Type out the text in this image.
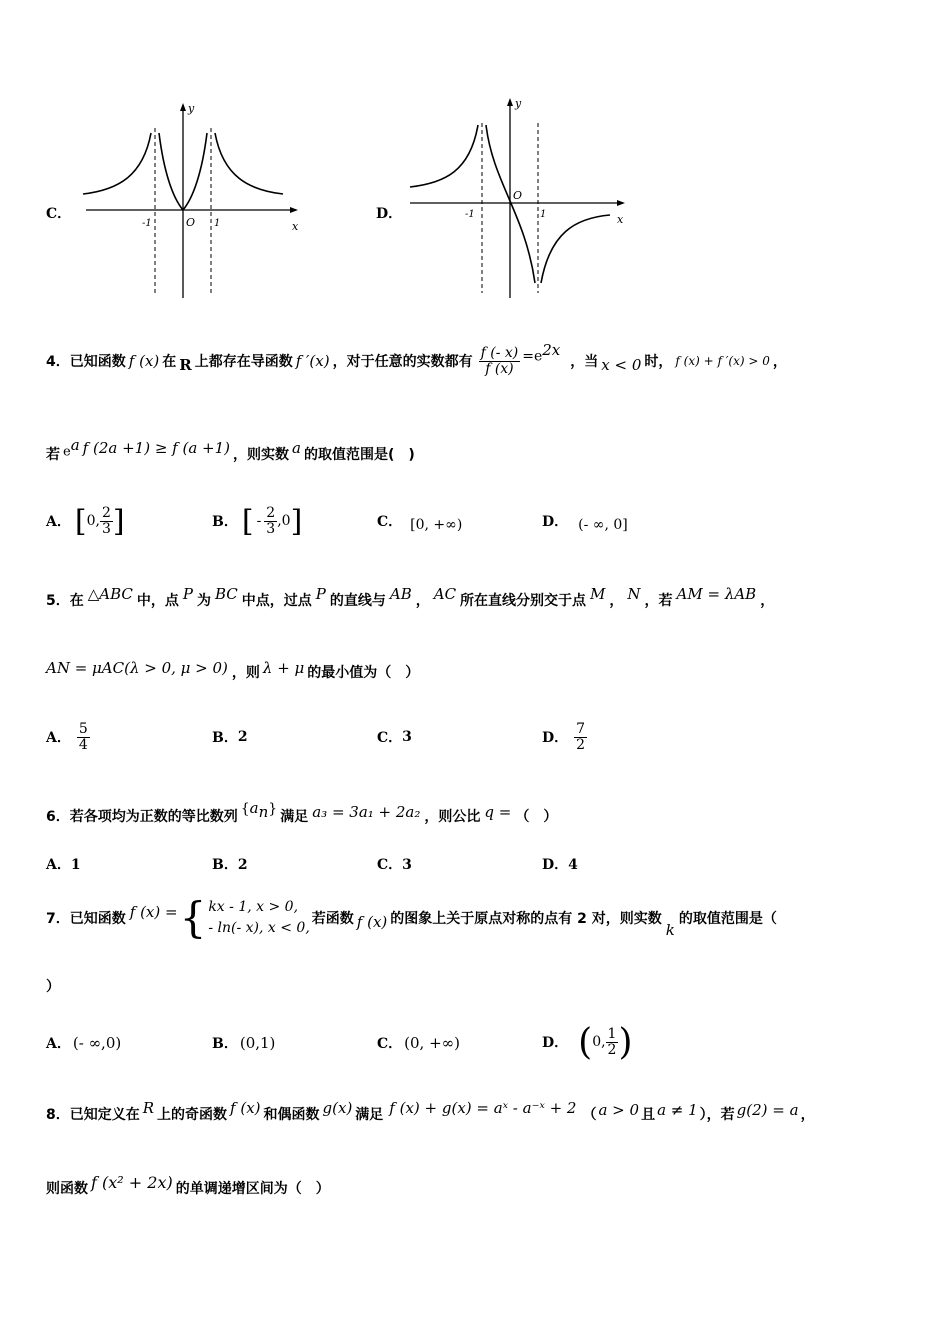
C．
y
x
O
-1	1
D．
y
x
O
-1	1
4． 已知函数 f (x) 在 R 上都存在导函数 f ′(x) ，对于任意的实数都有 $\frac{f (- x)}{f (x)} =e^{2x}$
，当 x < 0 时， f (x) + f ′(x) > 0 ，
若 $e^a$ f (2a +1) ≥ f (a +1) ，则实数 a 的取值范围是(　)
A． [ 0, $\frac{2}{3}$ ]	B． [ - $\frac{2}{3} ,0$ ]	C． [0, +∞)	D． (- ∞, 0]
5． 在 △ABC 中，点 P 为 BC 中点，过点 P 的直线与 AB ， AC 所在直线分别交于点 M ， N ，若 AM = λAB ，
AN = μAC(λ > 0, μ > 0) ，则 λ + μ 的最小值为（　）
A． $\frac{5}{4}$	B． 2	C． 3	D． $\frac{7}{2}$
6． 若各项均为正数的等比数列 $\{a_n\}$ 满足 a₃ = 3a₁ + 2a₂ ，则公比 q = （　）
A．1	B．2	C．3	D．4
7． 已知函数 f (x) = { kx - 1, x > 0,
- ln(- x), x < 0,
若函数 f (x) 的图象上关于原点对称的点有 2 对，则实数
k
的取值范围是（
）
A． (- ∞,0)	B． (0,1)	C． (0, +∞)	D． ( 0, $\frac{1}{2}$ )
8． 已知定义在 R 上的奇函数 f (x) 和偶函数 g(x) 满足 f (x) + g(x) = aˣ - a⁻ˣ + 2 （ a > 0 且 a ≠ 1 ），若 g(2) = a ，
则函数 f (x² + 2x) 的单调递增区间为（　）
